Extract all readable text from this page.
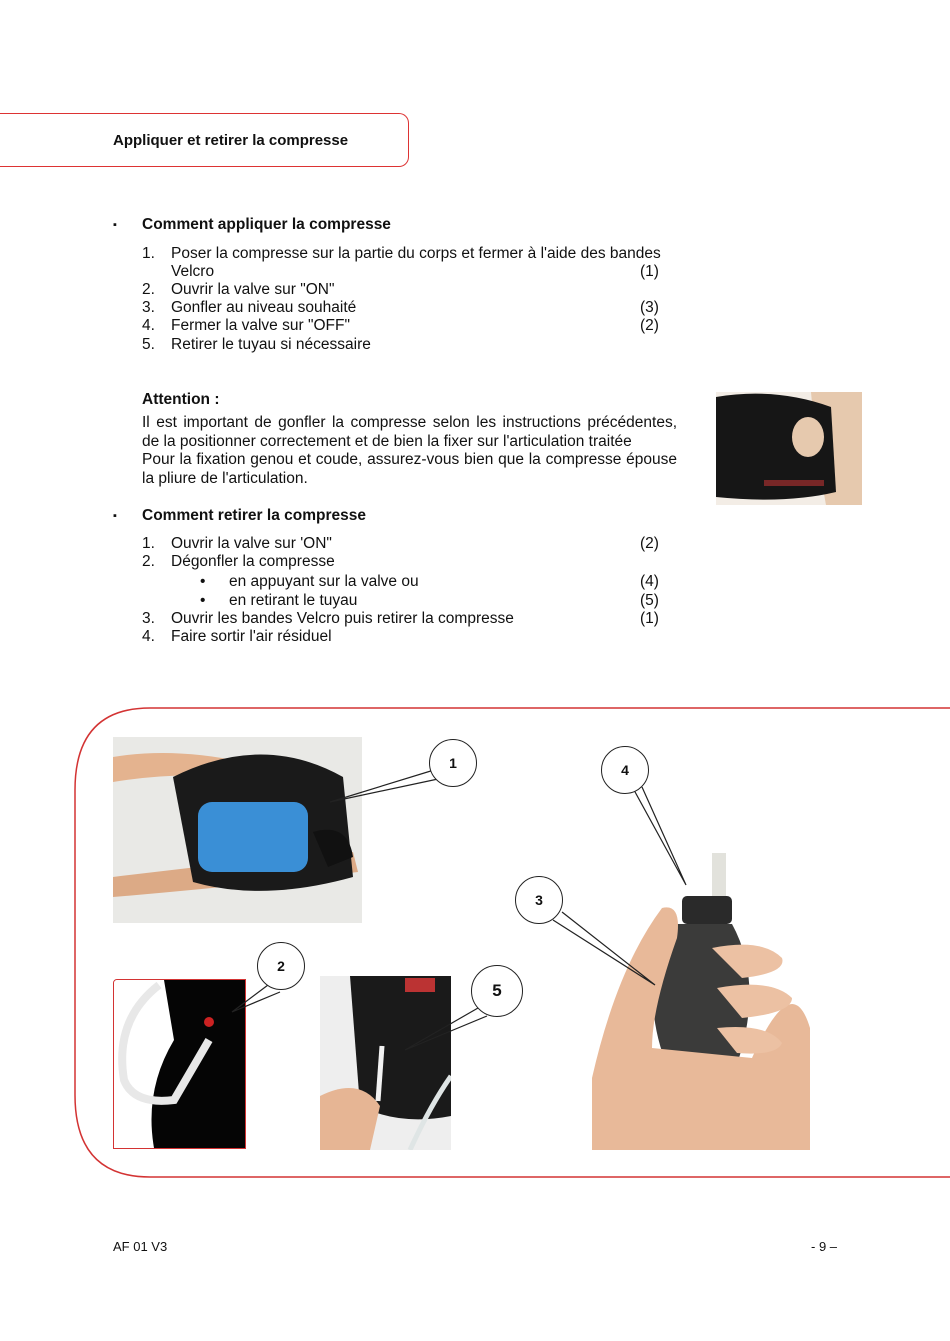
Appliquer et retirer la compresse
▪ Comment appliquer la compresse
1. Poser la compresse sur la partie du corps et fermer à l'aide des bandes
Velcro	(1)
2. Ouvrir la valve sur "ON"
3. Gonfler au niveau souhaité	(3)
4. Fermer la valve sur "OFF"	(2)
5. Retirer le tuyau si nécessaire
Attention :
Il est important de gonfler la compresse selon les instructions précédentes, de la positionner correctement et de bien la fixer sur l'articulation traitée
Pour la fixation genou et coude, assurez-vous bien que la compresse épouse la pliure de l'articulation.
▪ Comment retirer la compresse
1. Ouvrir la valve sur 'ON"	(2)
2. Dégonfler la compresse
• en appuyant sur la valve ou	(4)
• en retirant le tuyau	(5)
3. Ouvrir les bandes Velcro puis retirer la compresse	(1)
4. Faire sortir l'air résiduel
1
2
3
4
5
AF 01 V3	- 9 –
